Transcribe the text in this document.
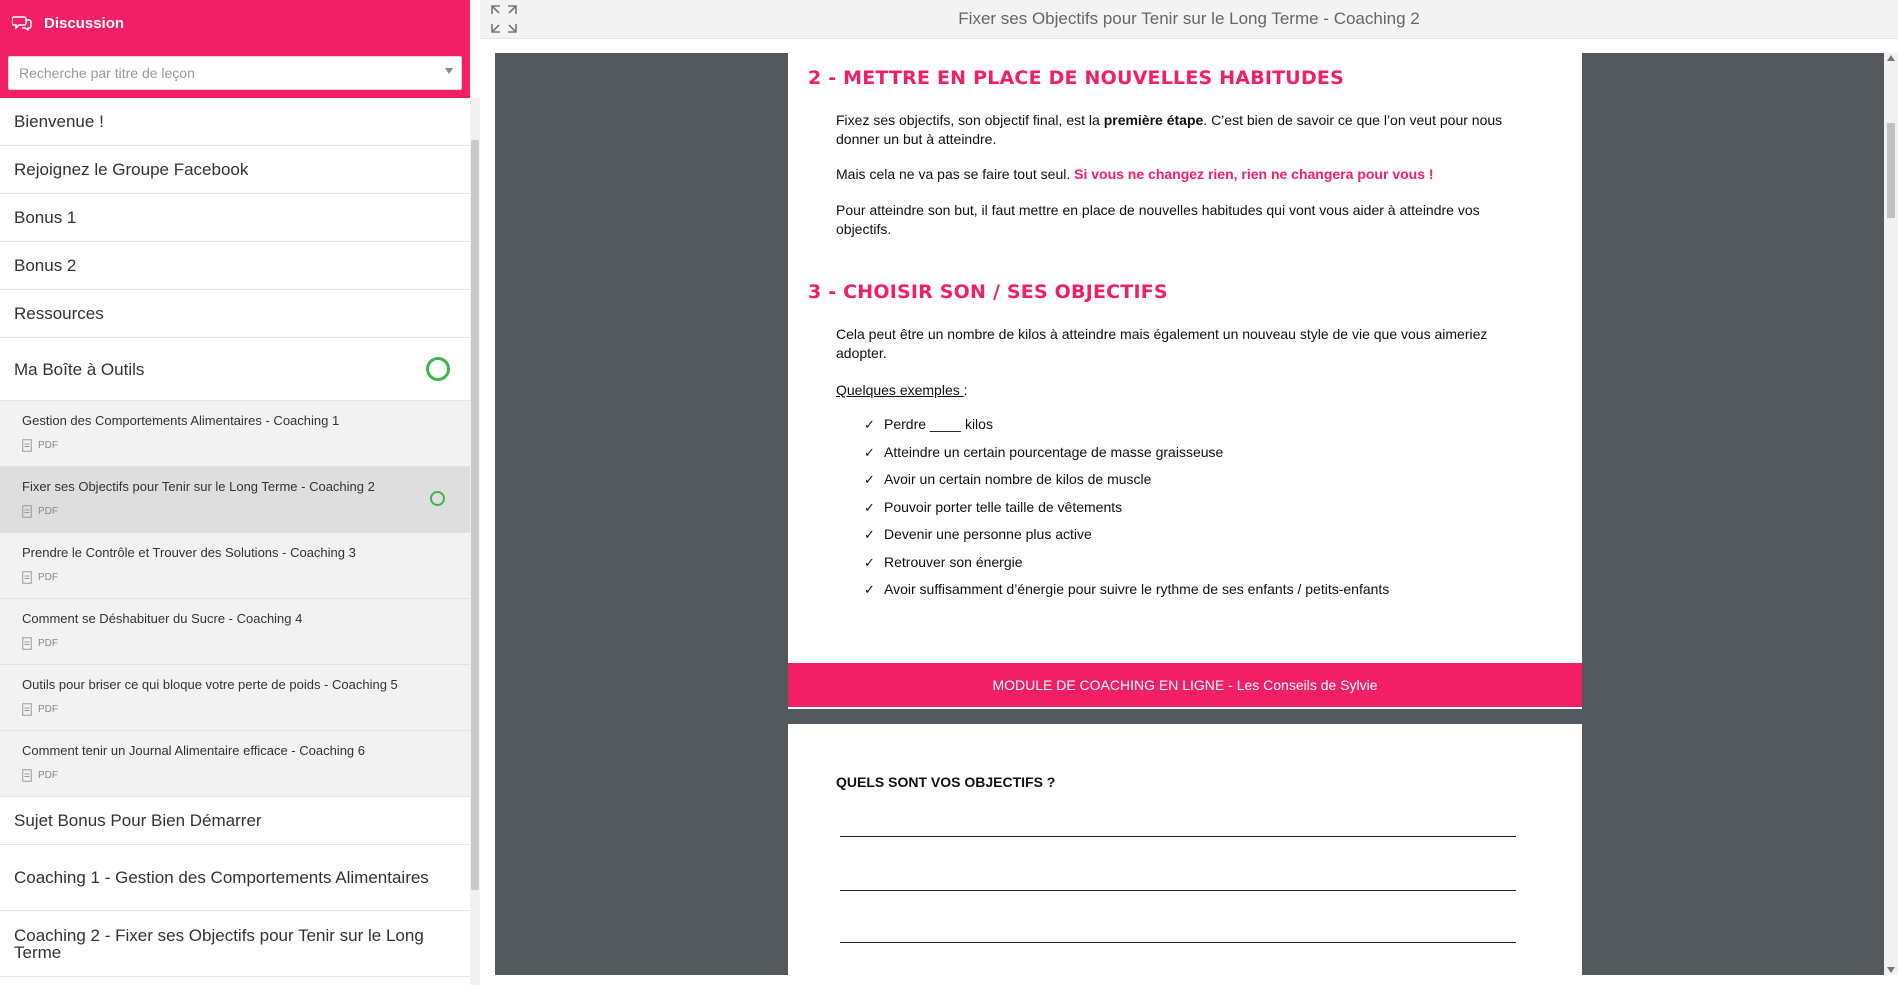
Discussion
Recherche par titre de leçon
Bienvenue !
Rejoignez le Groupe Facebook
Bonus 1
Bonus 2
Ressources
Ma Boîte à Outils
Gestion des Comportements Alimentaires - Coaching 1
PDF
Fixer ses Objectifs pour Tenir sur le Long Terme - Coaching 2
PDF
Prendre le Contrôle et Trouver des Solutions - Coaching 3
PDF
Comment se Déshabituer du Sucre - Coaching 4
PDF
Outils pour briser ce qui bloque votre perte de poids - Coaching 5
PDF
Comment tenir un Journal Alimentaire efficace - Coaching 6
PDF
Sujet Bonus Pour Bien Démarrer
Coaching 1 - Gestion des Comportements Alimentaires
Coaching 2 - Fixer ses Objectifs pour Tenir sur le Long Terme
Fixer ses Objectifs pour Tenir sur le Long Terme - Coaching 2
2 - METTRE EN PLACE DE NOUVELLES HABITUDES
Fixez ses objectifs, son objectif final, est la première étape. C’est bien de savoir ce que l’on veut pour nous donner un but à atteindre.
Mais cela ne va pas se faire tout seul. Si vous ne changez rien, rien ne changera pour vous !
Pour atteindre son but, il faut mettre en place de nouvelles habitudes qui vont vous aider à atteindre vos objectifs.
3 - CHOISIR SON / SES OBJECTIFS
Cela peut être un nombre de kilos à atteindre mais également un nouveau style de vie que vous aimeriez adopter.
Quelques exemples :
✓ Perdre ____ kilos
✓ Atteindre un certain pourcentage de masse graisseuse
✓ Avoir un certain nombre de kilos de muscle
✓ Pouvoir porter telle taille de vêtements
✓ Devenir une personne plus active
✓ Retrouver son énergie
✓ Avoir suffisamment d’énergie pour suivre le rythme de ses enfants / petits-enfants
MODULE DE COACHING EN LIGNE - Les Conseils de Sylvie
QUELS SONT VOS OBJECTIFS ?
